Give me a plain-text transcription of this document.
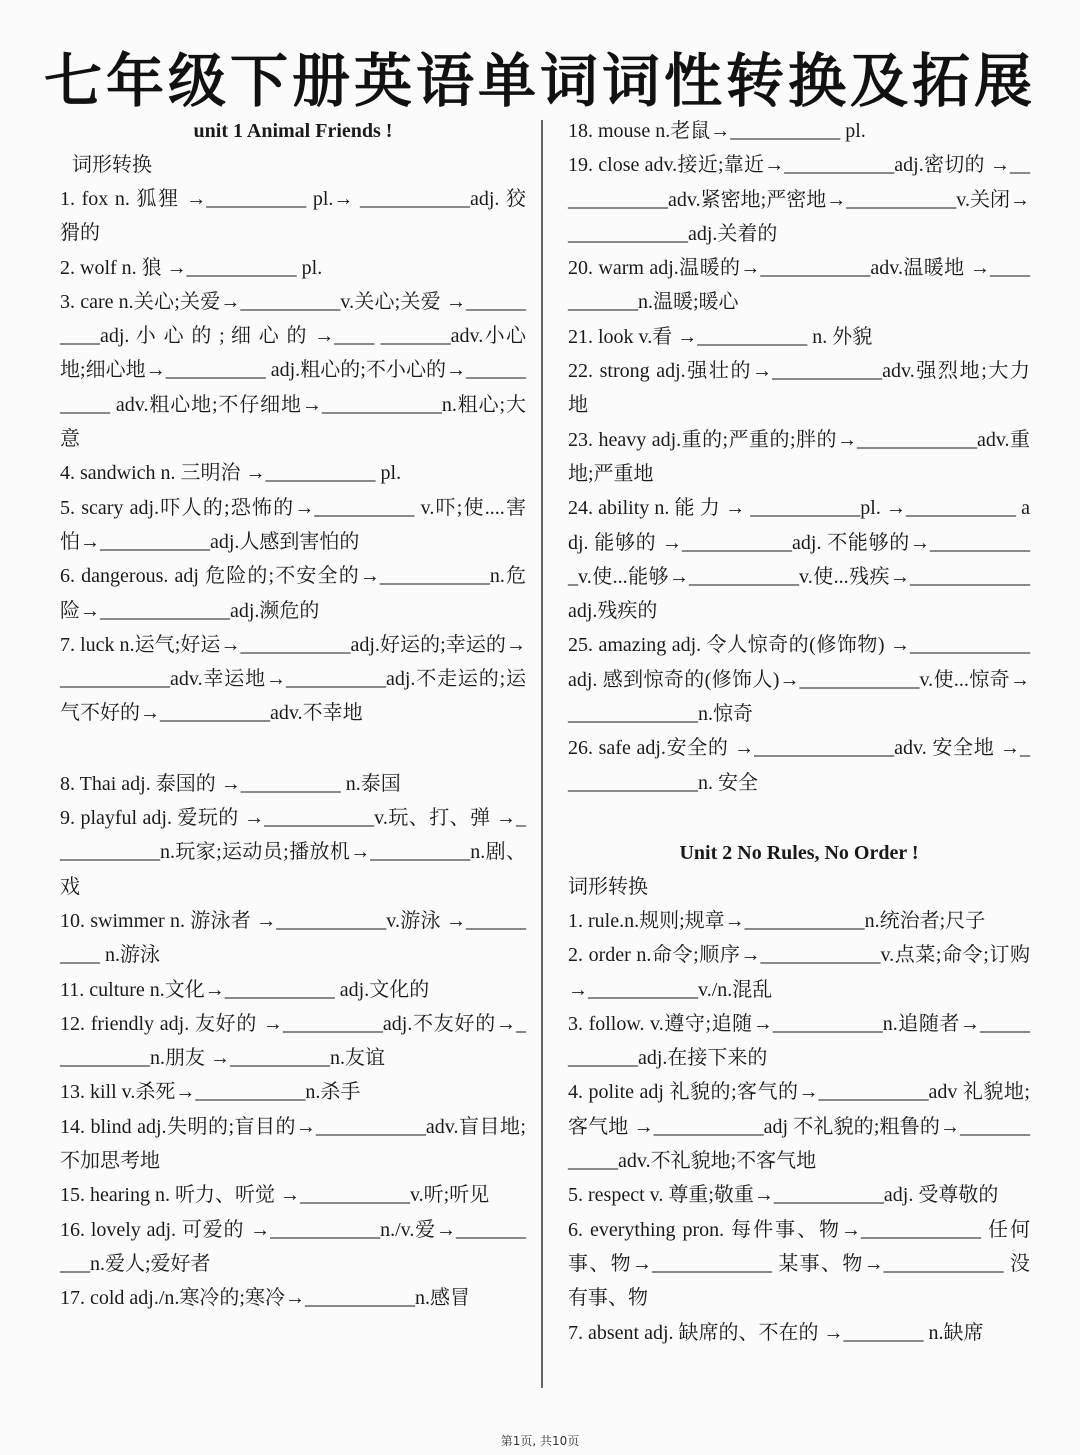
七年级下册英语单词词性转换及拓展
unit 1 Animal Friends !
词形转换
1. fox n. 狐狸 →__________ pl.→ ___________adj. 狡猾的
2. wolf n. 狼 →___________ pl.
3. care n.关心;关爱→__________v.关心;关爱 →__________adj. 小 心 的 ; 细 心 的 →____ _______adv.小心地;细心地→__________ adj.粗心的;不小心的→___________ adv.粗心地;不仔细地→____________n.粗心;大意
4. sandwich n. 三明治 →___________ pl.
5. scary adj.吓人的;恐怖的→__________ v.吓;使....害怕→___________adj.人感到害怕的
6. dangerous. adj 危险的;不安全的→___________n.危险→_____________adj.濒危的
7. luck n.运气;好运→___________adj.好运的;幸运的→___________adv.幸运地→__________adj.不走运的;运气不好的→___________adv.不幸地
8. Thai adj. 泰国的 →__________ n.泰国
9. playful adj. 爱玩的 →___________v.玩、打、弹 →___________n.玩家;运动员;播放机→__________n.剧、戏
10. swimmer n. 游泳者 →___________v.游泳 →__________ n.游泳
11. culture n.文化→___________ adj.文化的
12. friendly adj. 友好的 →__________adj.不友好的→__________n.朋友 →__________n.友谊
13. kill v.杀死→___________n.杀手
14. blind adj.失明的;盲目的→___________adv.盲目地;不加思考地
15. hearing n. 听力、听觉 →___________v.听;听见
16. lovely adj. 可爱的 →___________n./v.爱→__________n.爱人;爱好者
17. cold adj./n.寒冷的;寒冷→___________n.感冒
18. mouse n.老鼠→___________ pl.
19. close adv.接近;靠近→___________adj.密切的 →____________adv.紧密地;严密地→___________v.关闭→____________adj.关着的
20. warm adj.温暖的→___________adv.温暖地 →___________n.温暖;暖心
21. look v.看 →___________ n. 外貌
22. strong adj.强壮的→___________adv.强烈地;大力地
23. heavy adj.重的;严重的;胖的→____________adv.重地;严重地
24. ability n. 能 力 → ___________pl. →___________ adj. 能够的 →___________adj. 不能够的→___________v.使...能够→___________v.使...残疾→____________adj.残疾的
25. amazing adj. 令人惊奇的(修饰物) →____________ adj. 感到惊奇的(修饰人)→____________v.使...惊奇→_____________n.惊奇
26. safe adj.安全的 →______________adv. 安全地 →______________n. 安全
Unit 2 No Rules, No Order !
词形转换
1. rule.n.规则;规章→____________n.统治者;尺子
2. order n.命令;顺序→____________v.点菜;命令;订购→___________v./n.混乱
3. follow. v.遵守;追随→___________n.追随者→____________adj.在接下来的
4. polite adj 礼貌的;客气的→___________adv 礼貌地;客气地 →___________adj 不礼貌的;粗鲁的→____________adv.不礼貌地;不客气地
5. respect v. 尊重;敬重→___________adj. 受尊敬的
6. everything pron. 每件事、物→____________ 任何事、物→____________ 某事、物→____________ 没有事、物
7. absent adj. 缺席的、不在的 →________ n.缺席
第1页, 共10页
